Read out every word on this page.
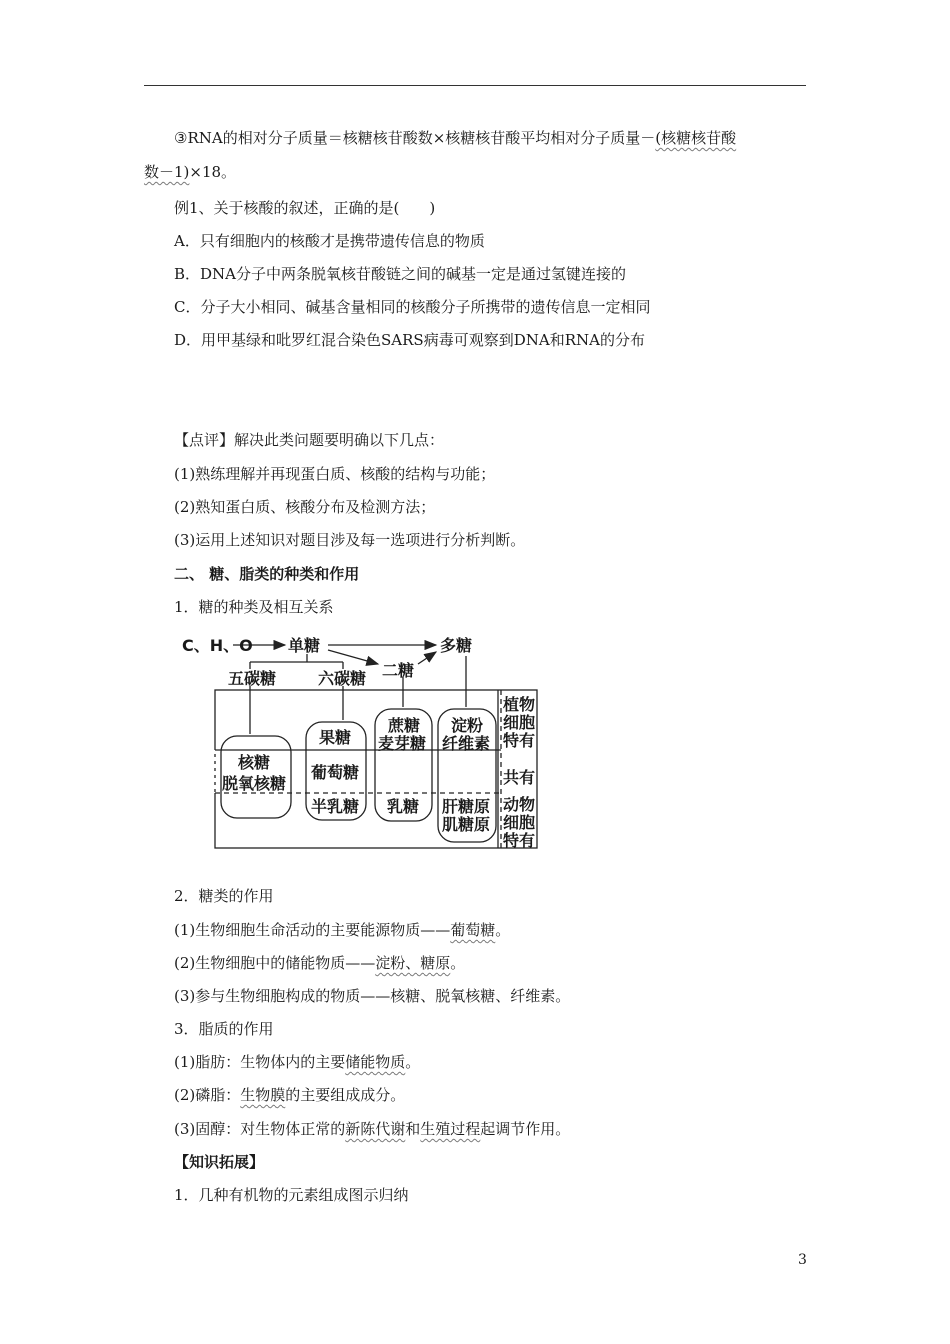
③RNA的相对分子质量＝核糖核苷酸数×核糖核苷酸平均相对分子质量－(核糖核苷酸
数－1)×18。
例1、关于核酸的叙述，正确的是(　　)
A．只有细胞内的核酸才是携带遗传信息的物质
B．DNA分子中两条脱氧核苷酸链之间的碱基一定是通过氢键连接的
C．分子大小相同、碱基含量相同的核酸分子所携带的遗传信息一定相同
D．用甲基绿和吡罗红混合染色SARS病毒可观察到DNA和RNA的分布
【点评】解决此类问题要明确以下几点：
(1)熟练理解并再现蛋白质、核酸的结构与功能；
(2)熟知蛋白质、核酸分布及检测方法；
(3)运用上述知识对题目涉及每一选项进行分析判断。
二、 糖、脂类的种类和作用
1．糖的种类及相互关系
C、H、O 单糖	多糖
二糖
五碳糖	六碳糖
核糖
脱氧核糖
果糖
葡萄糖
半乳糖
蔗糖
麦芽糖
乳糖
淀粉
纤维素
肝糖原
肌糖原
植物
细胞
特有
共有
动物
细胞
特有
2．糖类的作用
(1)生物细胞生命活动的主要能源物质——葡萄糖。
(2)生物细胞中的储能物质——淀粉、糖原。
(3)参与生物细胞构成的物质——核糖、脱氧核糖、纤维素。
3．脂质的作用
(1)脂肪：生物体内的主要储能物质。
(2)磷脂：生物膜的主要组成成分。
(3)固醇：对生物体正常的新陈代谢和生殖过程起调节作用。
【知识拓展】
1．几种有机物的元素组成图示归纳
3
